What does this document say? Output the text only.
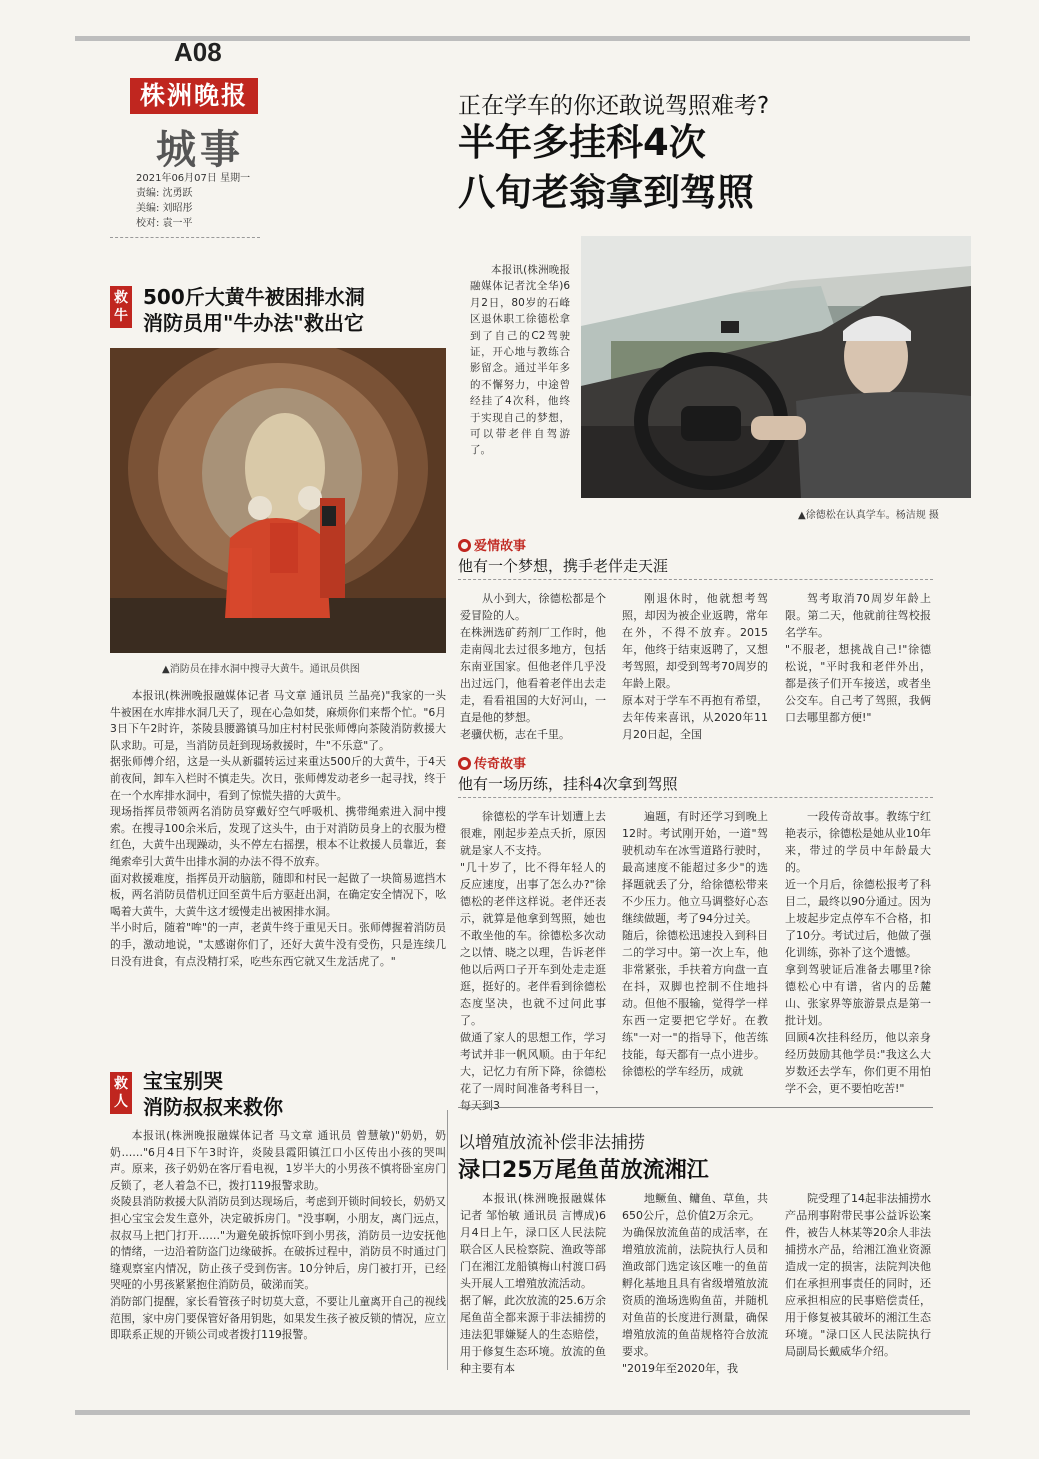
A08
株洲晚报
城事
2021年06月07日 星期一
责编: 沈勇跃
美编: 刘昭彤
校对: 袁一平
正在学车的你还敢说驾照难考?
半年多挂科4次
八旬老翁拿到驾照

本报讯(株洲晚报融媒体记者沈全华)6月2日，80岁的石峰区退休职工徐德松拿到了自己的C2驾驶证，开心地与教练合影留念。通过半年多的不懈努力，中途曾经挂了4次科，他终于实现自己的梦想，可以带老伴自驾游了。

▲徐德松在认真学车。杨洁规 摄
爱情故事
他有一个梦想，携手老伴走天涯

从小到大，徐德松都是个爱冒险的人。
在株洲选矿药剂厂工作时，他走南闯北去过很多地方，包括东南亚国家。但他老伴几乎没出过远门，他看着老伴出去走走，看看祖国的大好河山，一直是他的梦想。
老骥伏枥，志在千里。

刚退休时，他就想考驾照，却因为被企业返聘，常年在外，不得不放弃。2015年，他终于结束返聘了，又想考驾照，却受到驾考70周岁的年龄上限。
原本对于学车不再抱有希望，去年传来喜讯，从2020年11月20日起，全国

驾考取消70周岁年龄上限。第二天，他就前往驾校报名学车。
"不服老，想挑战自己!"徐德松说，"平时我和老伴外出，都是孩子们开车接送，或者坐公交车。自己考了驾照，我俩口去哪里都方便!"

传奇故事
他有一场历练，挂科4次拿到驾照

徐德松的学车计划遭上去很难，刚起步差点夭折，原因就是家人不支持。
"几十岁了，比不得年轻人的反应速度，出事了怎么办?"徐德松的老伴这样说。老伴还表示，就算是他拿到驾照，她也不敢坐他的车。徐德松多次动之以情、晓之以理，告诉老伴他以后两口子开车到处走走逛逛，挺好的。老伴看到徐德松态度坚决，也就不过问此事了。
做通了家人的思想工作，学习考试并非一帆风顺。由于年纪大，记忆力有所下降，徐德松花了一周时间准备考科目一，每天到3

遍题，有时还学习到晚上12时。考试刚开始，一道"驾驶机动车在冰雪道路行驶时，最高速度不能超过多少"的选择题就丢了分，给徐德松带来不少压力。他立马调整好心态继续做题，考了94分过关。
随后，徐德松迅速投入到科目二的学习中。第一次上车，他非常紧张，手扶着方向盘一直在抖，双脚也控制不住地抖动。但他不服输，觉得学一样东西一定要把它学好。在教练"一对一"的指导下，他苦练技能，每天都有一点小进步。
徐德松的学车经历，成就

一段传奇故事。教练宁红艳表示，徐德松是她从业10年来，带过的学员中年龄最大的。
近一个月后，徐德松报考了科目二，最终以90分通过。因为上坡起步定点停车不合格，扣了10分。考试过后，他做了强化训练，弥补了这个遗憾。
拿到驾驶证后准备去哪里?徐德松心中有谱，省内的岳麓山、张家界等旅游景点是第一批计划。
回顾4次挂科经历，他以亲身经历鼓励其他学员:"我这么大岁数还去学车，你们更不用怕学不会，更不要怕吃苦!"

救牛
500斤大黄牛被困排水洞
消防员用"牛办法"救出它
▲消防员在排水洞中搜寻大黄牛。通讯员供图

本报讯(株洲晚报融媒体记者 马文章 通讯员 兰晶亮)"我家的一头牛被困在水库排水洞几天了，现在心急如焚，麻烦你们来帮个忙。"6月3日下午2时许，茶陵县腰潞镇马加庄村村民张师傅向茶陵消防救援大队求助。可是，当消防员赶到现场救援时，牛"不乐意"了。
据张师傅介绍，这是一头从新疆转运过来重达500斤的大黄牛，于4天前夜间，卸车入栏时不慎走失。次日，张师傅发动老乡一起寻找，终于在一个水库排水洞中，看到了惊慌失措的大黄牛。
现场指挥员带领两名消防员穿戴好空气呼吸机、携带绳索进入洞中搜索。在搜寻100余米后，发现了这头牛，由于对消防员身上的衣服为橙红色，大黄牛出现躁动，头不停左右摇摆，根本不让救援人员靠近，套绳索牵引大黄牛出排水洞的办法不得不放弃。
面对救援难度，指挥员开动脑筋，随即和村民一起做了一块简易遮挡木板，两名消防员借机迂回至黄牛后方驱赶出洞，在确定安全情况下，吆喝着大黄牛，大黄牛这才缓慢走出被困排水洞。
半小时后，随着"哞"的一声，老黄牛终于重见天日。张师傅握着消防员的手，激动地说，"太感谢你们了，还好大黄牛没有受伤，只是连续几日没有进食，有点没精打采，吃些东西它就又生龙活虎了。"

救人
宝宝别哭
消防叔叔来救你

本报讯(株洲晚报融媒体记者 马文章 通讯员 曾慧敏)"奶奶，奶奶……"6月4日下午3时许，炎陵县霞阳镇江口小区传出小孩的哭叫声。原来，孩子奶奶在客厅看电视，1岁半大的小男孩不慎将卧室房门反锁了，老人着急不已，拨打119报警求助。
炎陵县消防救援大队消防员到达现场后，考虑到开锁时间较长，奶奶又担心宝宝会发生意外，决定破拆房门。"没事啊，小朋友，离门远点，叔叔马上把门打开……"为避免破拆惊吓到小男孩，消防员一边安抚他的情绪，一边沿着防盗门边缘破拆。在破拆过程中，消防员不时通过门缝观察室内情况，防止孩子受到伤害。10分钟后，房门被打开，已经哭哑的小男孩紧紧抱住消防员，破涕而笑。
消防部门提醒，家长看管孩子时切莫大意，不要让儿童离开自己的视线范围，家中房门要保管好备用钥匙，如果发生孩子被反锁的情况，应立即联系正规的开锁公司或者拨打119报警。

以增殖放流补偿非法捕捞
渌口25万尾鱼苗放流湘江

本报讯(株洲晚报融媒体记者 邹怡敏 通讯员 言博成)6月4日上午，渌口区人民法院联合区人民检察院、渔政等部门在湘江龙船镇梅山村渡口码头开展人工增殖放流活动。
据了解，此次放流的25.6万余尾鱼苗全都来源于非法捕捞的违法犯罪嫌疑人的生态赔偿，用于修复生态环境。放流的鱼种主要有本

地鳜鱼、鳙鱼、草鱼，共650公斤，总价值2万余元。
为确保放流鱼苗的成活率，在增殖放流前，法院执行人员和渔政部门选定该区唯一的鱼苗孵化基地且具有省级增殖放流资质的渔场选购鱼苗，并随机对鱼苗的长度进行测量，确保增殖放流的鱼苗规格符合放流要求。
"2019年至2020年，我

院受理了14起非法捕捞水产品刑事附带民事公益诉讼案件，被告人林某等20余人非法捕捞水产品，给湘江渔业资源造成一定的损害，法院判决他们在承担刑事责任的同时，还应承担相应的民事赔偿责任，用于修复被其破坏的湘江生态环境。"渌口区人民法院执行局副局长戴威华介绍。
